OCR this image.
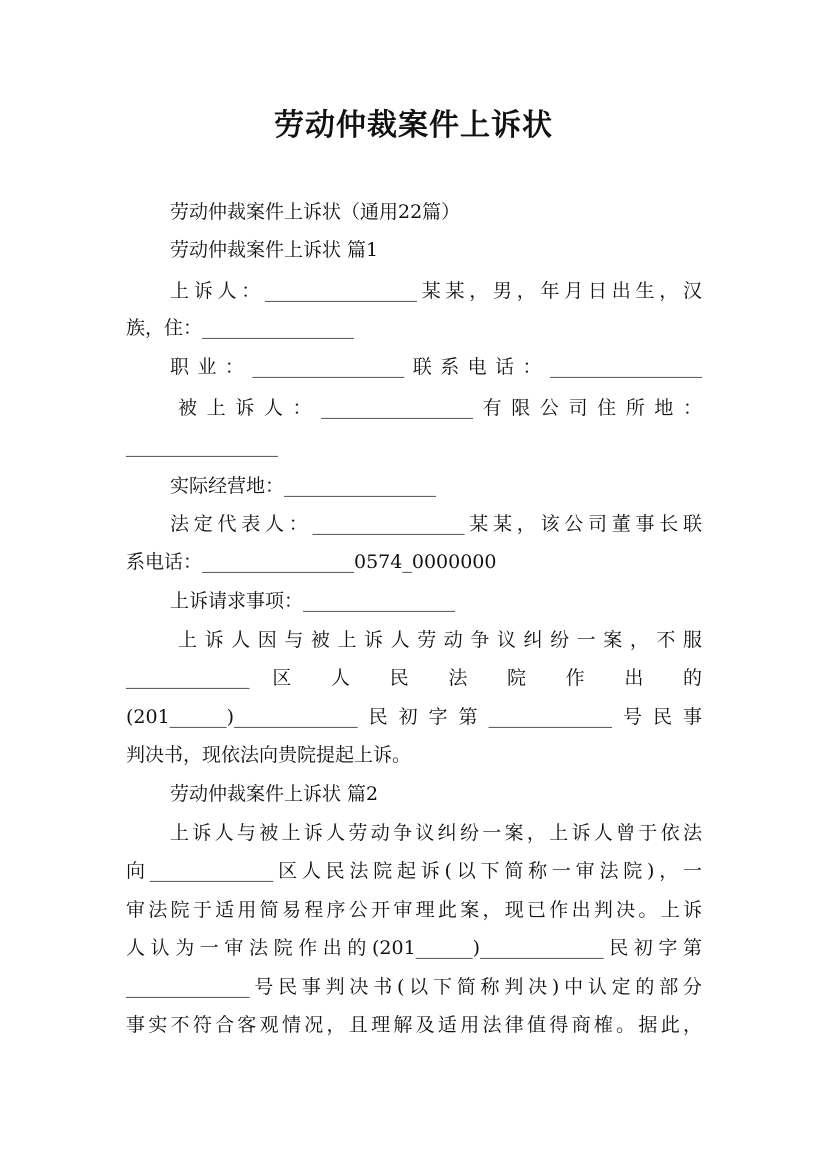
劳动仲裁案件上诉状
劳动仲裁案件上诉状（通用22篇）
劳动仲裁案件上诉状 篇1
上诉人：________________某某，男，年月日出生，汉
族，住：________________
职业：________________联系电话：________________
被上诉人：________________有限公司住所地：
________________
实际经营地：________________
法定代表人：________________某某，该公司董事长联
系电话：________________0574_0000000
上诉请求事项：________________
上诉人因与被上诉人劳动争议纠纷一案，不服
_____________ 区 人 民 法 院 作 出 的
(201______)_____________民初字第_____________号民事
判决书，现依法向贵院提起上诉。
劳动仲裁案件上诉状 篇2
上诉人与被上诉人劳动争议纠纷一案，上诉人曾于依法
向_____________区人民法院起诉(以下简称一审法院)，一
审法院于适用简易程序公开审理此案，现已作出判决。上诉
人认为一审法院作出的(201______)_____________民初字第
_____________号民事判决书(以下简称判决)中认定的部分
事实不符合客观情况，且理解及适用法律值得商榷。据此，
